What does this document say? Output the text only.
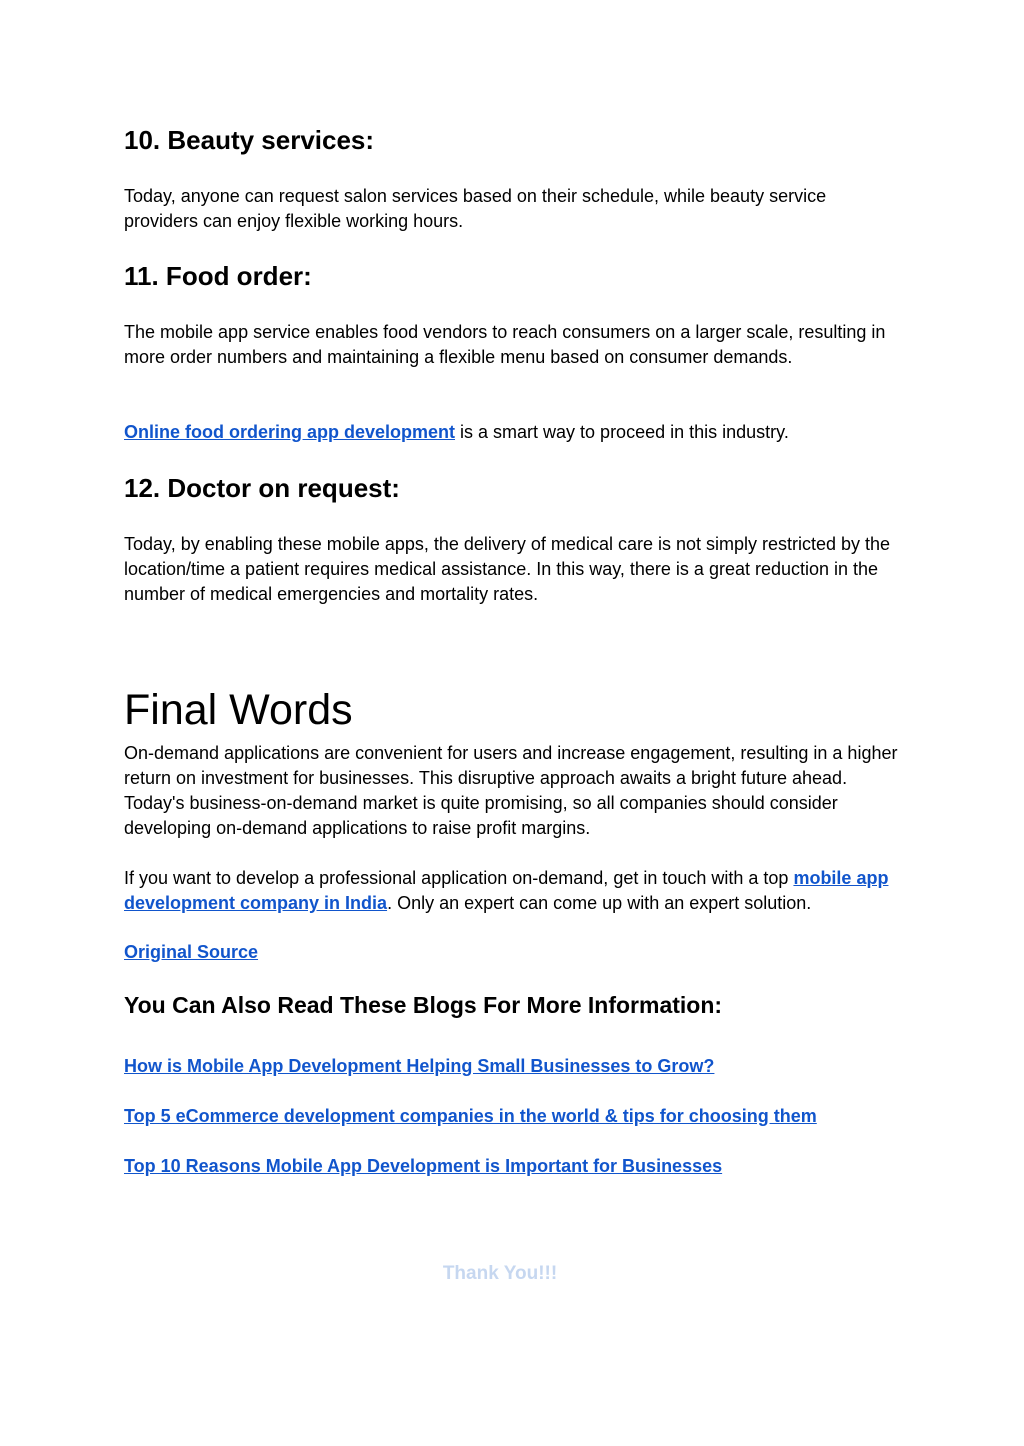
10. Beauty services:

Today, anyone can request salon services based on their schedule, while beauty service providers can enjoy flexible working hours.

11. Food order:

The mobile app service enables food vendors to reach consumers on a larger scale, resulting in more order numbers and maintaining a flexible menu based on consumer demands.

Online food ordering app development is a smart way to proceed in this industry.

12. Doctor on request:

Today, by enabling these mobile apps, the delivery of medical care is not simply restricted by the location/time a patient requires medical assistance. In this way, there is a great reduction in the number of medical emergencies and mortality rates.

Final Words

On-demand applications are convenient for users and increase engagement, resulting in a higher return on investment for businesses. This disruptive approach awaits a bright future ahead. Today's business-on-demand market is quite promising, so all companies should consider developing on-demand applications to raise profit margins.

If you want to develop a professional application on-demand, get in touch with a top mobile app development company in India. Only an expert can come up with an expert solution.

Original Source

You Can Also Read These Blogs For More Information:

How is Mobile App Development Helping Small Businesses to Grow?

Top 5 eCommerce development companies in the world & tips for choosing them

Top 10 Reasons Mobile App Development is Important for Businesses

Thank You!!!
